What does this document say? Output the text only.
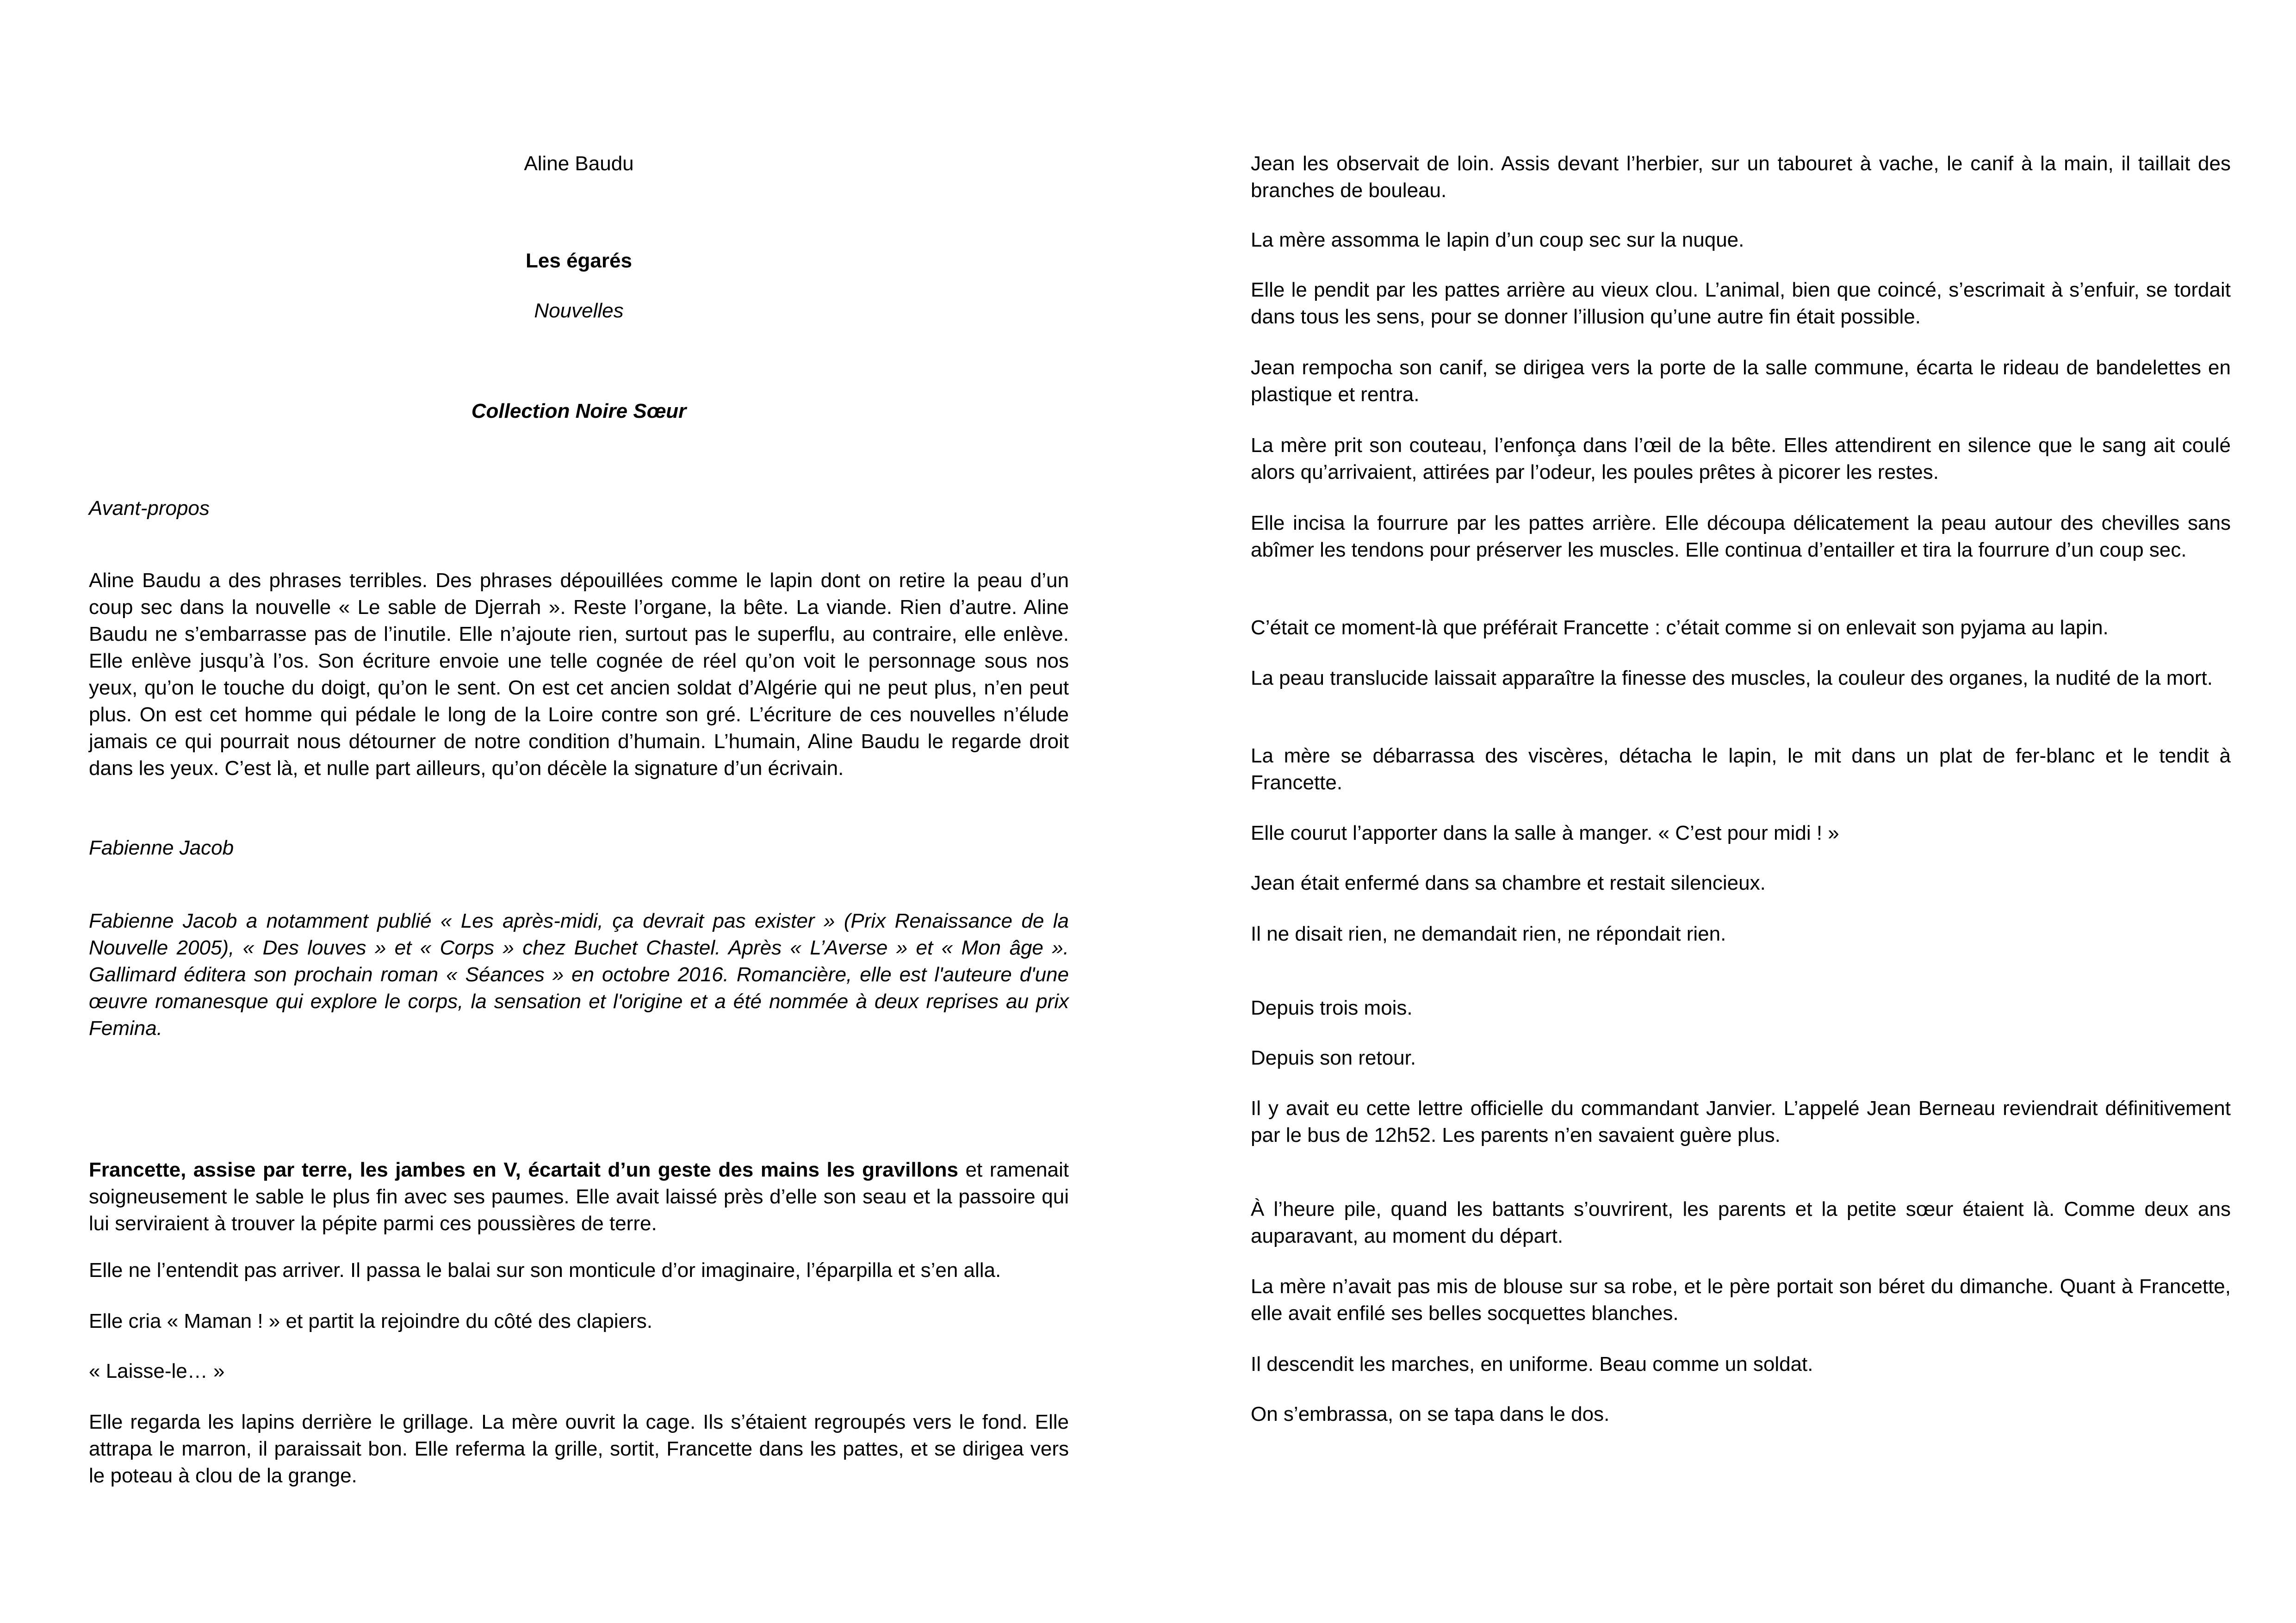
Aline Baudu

Les égarés

Nouvelles

Collection Noire Sœur

Avant-propos

Aline Baudu a des phrases terribles. Des phrases dépouillées comme le lapin dont on retire la peau d’un coup sec dans la nouvelle « Le sable de Djerrah ». Reste l’organe, la bête. La viande. Rien d’autre. Aline Baudu ne s’embarrasse pas de l’inutile. Elle n’ajoute rien, surtout pas le superflu, au contraire, elle enlève. Elle enlève jusqu’à l’os. Son écriture envoie une telle cognée de réel qu’on voit le personnage sous nos yeux, qu’on le touche du doigt, qu’on le sent. On est cet ancien soldat d’Algérie qui ne peut plus, n’en peut plus. On est cet homme qui pédale le long de la Loire contre son gré. L’écriture de ces nouvelles n’élude jamais ce qui pourrait nous détourner de notre condition d’humain. L’humain, Aline Baudu le regarde droit dans les yeux. C’est là, et nulle part ailleurs, qu’on décèle la signature d’un écrivain.

Fabienne Jacob

Fabienne Jacob a notamment publié « Les après-midi, ça devrait pas exister » (Prix Renaissance de la Nouvelle 2005), « Des louves » et « Corps » chez Buchet Chastel. Après « L’Averse » et « Mon âge ». Gallimard éditera son prochain roman « Séances » en octobre 2016. Romancière, elle est l'auteure d'une œuvre romanesque qui explore le corps, la sensation et l'origine et a été nommée à deux reprises au prix Femina.

Francette, assise par terre, les jambes en V, écartait d’un geste des mains les gravillons et ramenait soigneusement le sable le plus fin avec ses paumes. Elle avait laissé près d’elle son seau et la passoire qui lui serviraient à trouver la pépite parmi ces poussières de terre.

Elle ne l’entendit pas arriver. Il passa le balai sur son monticule d’or imaginaire, l’éparpilla et s’en alla.

Elle cria « Maman ! » et partit la rejoindre du côté des clapiers.

« Laisse-le… »

Elle regarda les lapins derrière le grillage. La mère ouvrit la cage. Ils s’étaient regroupés vers le fond. Elle attrapa le marron, il paraissait bon. Elle referma la grille, sortit, Francette dans les pattes, et se dirigea vers le poteau à clou de la grange.

Jean les observait de loin. Assis devant l’herbier, sur un tabouret à vache, le canif à la main, il taillait des branches de bouleau.

La mère assomma le lapin d’un coup sec sur la nuque.

Elle le pendit par les pattes arrière au vieux clou. L’animal, bien que coincé, s’escrimait à s’enfuir, se tordait dans tous les sens, pour se donner l’illusion qu’une autre fin était possible.

Jean rempocha son canif, se dirigea vers la porte de la salle commune, écarta le rideau de bandelettes en plastique et rentra.

La mère prit son couteau, l’enfonça dans l’œil de la bête. Elles attendirent en silence que le sang ait coulé alors qu’arrivaient, attirées par l’odeur, les poules prêtes à picorer les restes.

Elle incisa la fourrure par les pattes arrière. Elle découpa délicatement la peau autour des chevilles sans abîmer les tendons pour préserver les muscles. Elle continua d’entailler et tira la fourrure d’un coup sec.

C’était ce moment-là que préférait Francette : c’était comme si on enlevait son pyjama au lapin.

La peau translucide laissait apparaître la finesse des muscles, la couleur des organes, la nudité de la mort.

La mère se débarrassa des viscères, détacha le lapin, le mit dans un plat de fer-blanc et le tendit à Francette.

Elle courut l’apporter dans la salle à manger. « C’est pour midi ! »

Jean était enfermé dans sa chambre et restait silencieux.

Il ne disait rien, ne demandait rien, ne répondait rien.

Depuis trois mois.

Depuis son retour.

Il y avait eu cette lettre officielle du commandant Janvier. L’appelé Jean Berneau reviendrait définitivement par le bus de 12h52. Les parents n’en savaient guère plus.

À l’heure pile, quand les battants s’ouvrirent, les parents et la petite sœur étaient là. Comme deux ans auparavant, au moment du départ.

La mère n’avait pas mis de blouse sur sa robe, et le père portait son béret du dimanche. Quant à Francette, elle avait enfilé ses belles socquettes blanches.

Il descendit les marches, en uniforme. Beau comme un soldat.

On s’embrassa, on se tapa dans le dos.
